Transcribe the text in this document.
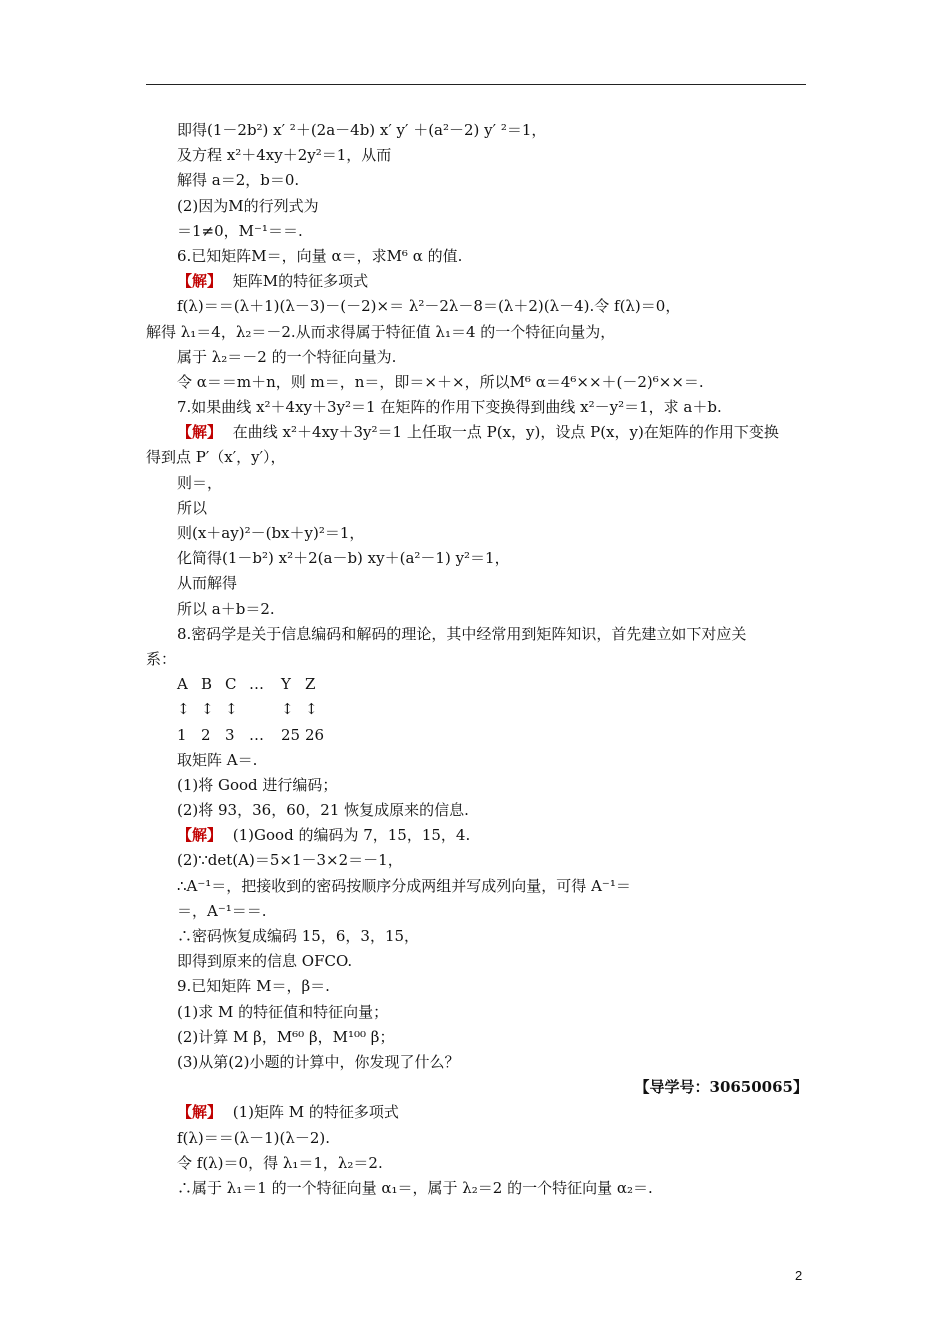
即得(1－2b²) x′ ²＋(2a－4b) x′ y′ ＋(a²－2) y′ ²＝1，
及方程 x²＋4xy＋2y²＝1，从而
解得 a＝2，b＝0.
(2)因为M的行列式为
＝1≠0，M⁻¹＝＝.
6.已知矩阵M＝，向量 α＝，求M⁶ α 的值.
【解】 矩阵M的特征多项式
f(λ)＝＝(λ＋1)(λ－3)－(－2)×＝ λ²－2λ－8＝(λ＋2)(λ－4).令 f(λ)＝0，
解得 λ₁＝4，λ₂＝－2.从而求得属于特征值 λ₁＝4 的一个特征向量为，
属于 λ₂＝－2 的一个特征向量为.
令 α＝＝m＋n，则 m＝，n＝，即＝×＋×，所以M⁶ α＝4⁶××＋(－2)⁶××＝.
7.如果曲线 x²＋4xy＋3y²＝1 在矩阵的作用下变换得到曲线 x²－y²＝1，求 a＋b.
【解】 在曲线 x²＋4xy＋3y²＝1 上任取一点 P(x，y)，设点 P(x，y)在矩阵的作用下变换
得到点 P′（x′，y′），
则＝，
所以
则(x＋ay)²－(bx＋y)²＝1，
化简得(1－b²) x²＋2(a－b) xy＋(a²－1) y²＝1，
从而解得
所以 a＋b＝2.
8.密码学是关于信息编码和解码的理论，其中经常用到矩阵知识，首先建立如下对应关
系：
A B C … Y Z
↕ ↕ ↕	↕ ↕
1 2 3 … 25 26
取矩阵 A＝.
(1)将 Good 进行编码；
(2)将 93，36，60，21 恢复成原来的信息.
【解】 (1)Good 的编码为 7，15，15，4.
(2)∵det(A)＝5×1－3×2＝－1，
∴A⁻¹＝，把接收到的密码按顺序分成两组并写成列向量，可得 A⁻¹＝
＝，A⁻¹＝＝.
∴密码恢复成编码 15，6，3，15，
即得到原来的信息 OFCO.
9.已知矩阵 M＝，β＝.
(1)求 M 的特征值和特征向量；
(2)计算 M β，M⁶⁰ β，M¹⁰⁰ β；
(3)从第(2)小题的计算中，你发现了什么？
【导学号：30650065】
【解】 (1)矩阵 M 的特征多项式
f(λ)＝＝(λ－1)(λ－2).
令 f(λ)＝0，得 λ₁＝1，λ₂＝2.
∴属于 λ₁＝1 的一个特征向量 α₁＝，属于 λ₂＝2 的一个特征向量 α₂＝.
2
